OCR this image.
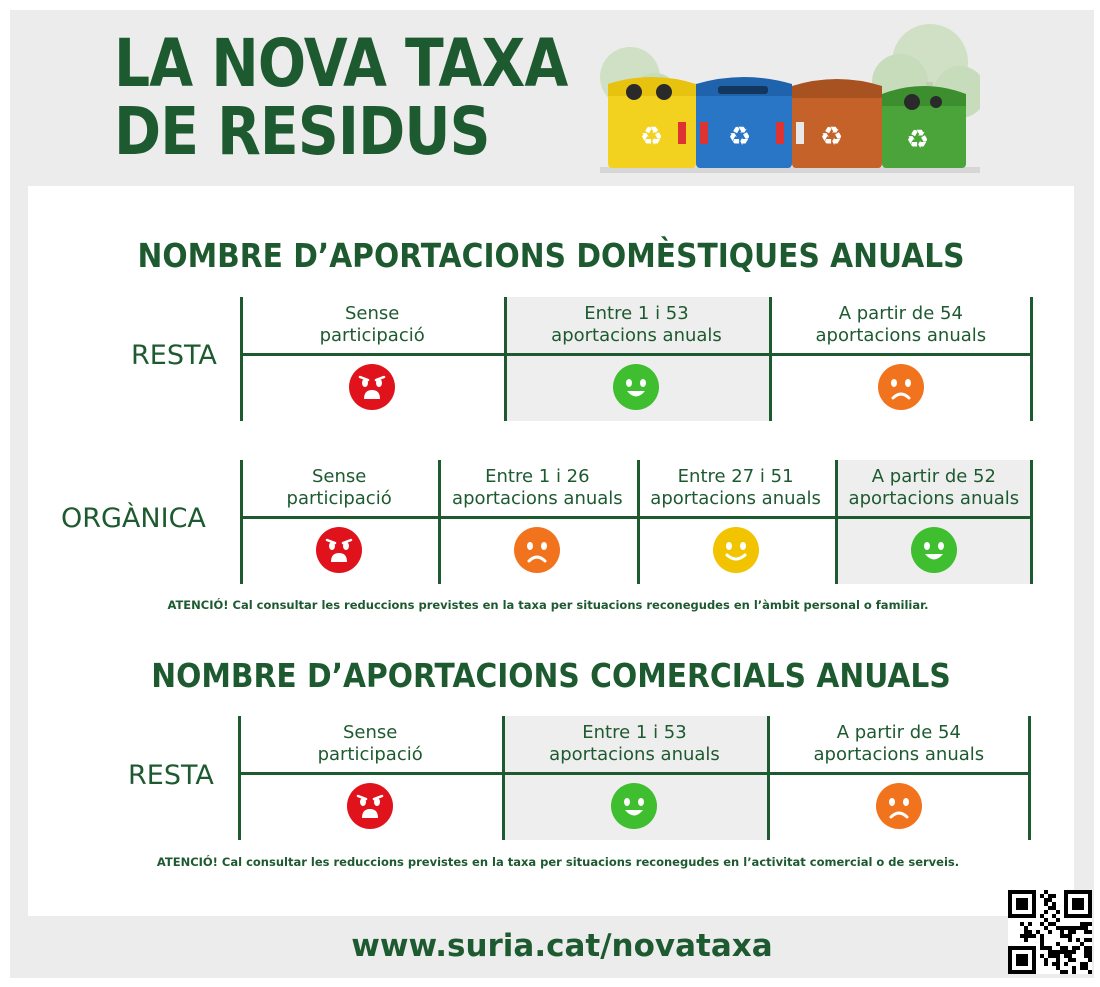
LA NOVA TAXA
DE RESIDUS	♻ ♻	♻ ♻
NOMBRE D’APORTACIONS DOMÈSTIQUES ANUALS
RESTA
Sense
participació
Entre 1 i 53
aportacions anuals
A partir de 54
aportacions anuals
ORGÀNICA
Sense
participació
Entre 1 i 26
aportacions anuals
Entre 27 i 51
aportacions anuals
A partir de 52
aportacions anuals
ATENCIÓ! Cal consultar les reduccions previstes en la taxa per situacions reconegudes en l’àmbit personal o familiar.
NOMBRE D’APORTACIONS COMERCIALS ANUALS
RESTA
Sense
participació
Entre 1 i 53
aportacions anuals
A partir de 54
aportacions anuals
ATENCIÓ! Cal consultar les reduccions previstes en la taxa per situacions reconegudes en l’activitat comercial o de serveis.
www.suria.cat/novataxa
